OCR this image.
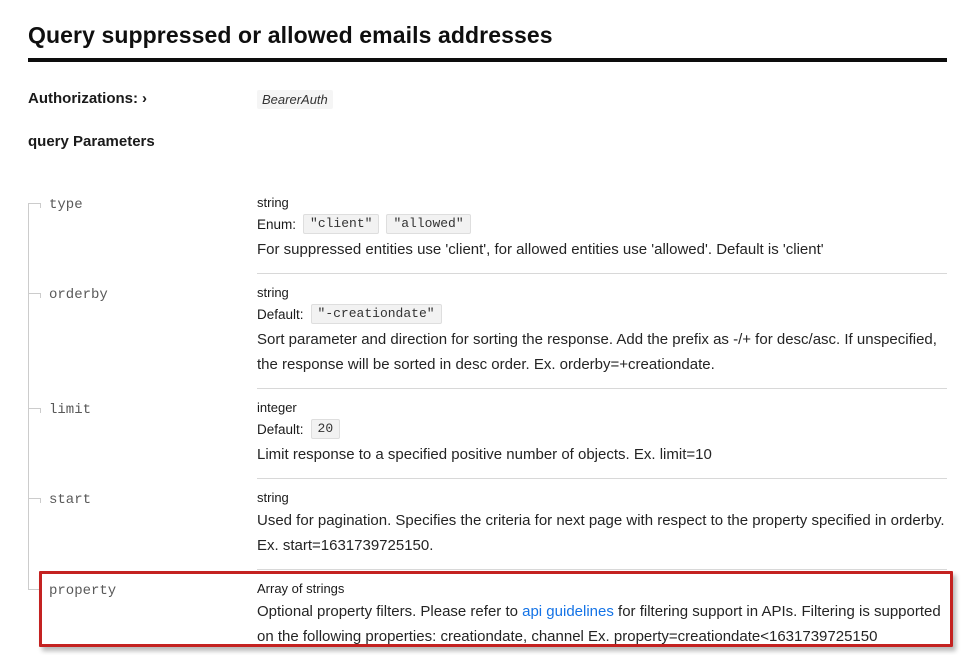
Query suppressed or allowed emails addresses
Authorizations: ›	BearerAuth
query Parameters
type	string
Enum:	"client"	"allowed"
For suppressed entities use 'client', for allowed entities use 'allowed'. Default is 'client'
orderby	string
Default:	"-creationdate"
Sort parameter and direction for sorting the response. Add the prefix as -/+ for desc/asc. If unspecified, the response will be sorted in desc order. Ex. orderby=+creationdate.
limit	integer
Default:	20
Limit response to a specified positive number of objects. Ex. limit=10
start	string
Used for pagination. Specifies the criteria for next page with respect to the property specified in orderby. Ex. start=1631739725150.
property	Array of strings
Optional property filters. Please refer to api guidelines for filtering support in APIs. Filtering is supported on the following properties: creationdate, channel Ex. property=creationdate<1631739725150
